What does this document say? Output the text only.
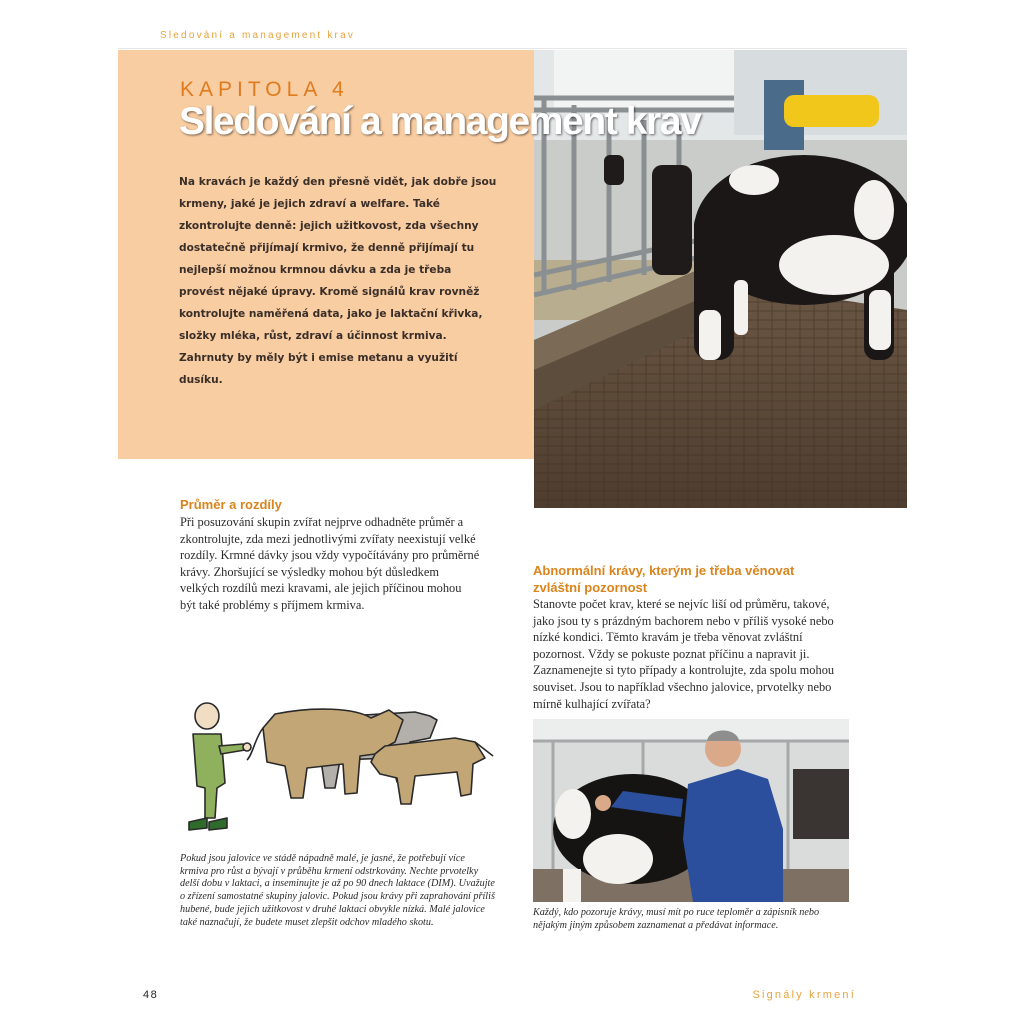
Sledování a management krav
KAPITOLA 4
Sledování a management krav
Na kravách je každý den přesně vidět, jak dobře jsou krmeny, jaké je jejich zdraví a welfare. Také zkontrolujte denně: jejich užitkovost, zda všechny dostatečně přijímají krmivo, že denně přijímají tu nejlepší možnou krmnou dávku a zda je třeba provést nějaké úpravy. Kromě signálů krav rovněž kontrolujte naměřená data, jako je laktační křivka, složky mléka, růst, zdraví a účinnost krmiva. Zahrnuty by měly být i emise metanu a využití dusíku.
Průměr a rozdíly
Při posuzování skupin zvířat nejprve odhadněte průměr a zkontrolujte, zda mezi jednotlivými zvířaty neexistují velké rozdíly. Krmné dávky jsou vždy vypočítávány pro průměrné krávy. Zhoršující se výsledky mohou být důsledkem velkých rozdílů mezi kravami, ale jejich příčinou mohou být také problémy s příjmem krmiva.
Abnormální krávy, kterým je třeba věnovat zvláštní pozornost
Stanovte počet krav, které se nejvíc liší od průměru, takové, jako jsou ty s prázdným bachorem nebo v příliš vysoké nebo nízké kondici. Těmto kravám je třeba věnovat zvláštní pozornost. Vždy se pokuste poznat příčinu a napravit ji. Zaznamenejte si tyto případy a kontrolujte, zda spolu mohou souviset. Jsou to například všechno jalovice, prvotelky nebo mírně kulhající zvířata?
Pokud jsou jalovice ve stádě nápadně malé, je jasné, že potřebují více krmiva pro růst a bývají v průběhu krmení odstrkovány. Nechte prvotelky delší dobu v laktaci, a inseminujte je až po 90 dnech laktace (DIM). Uvažujte o zřízení samostatné skupiny jalovic. Pokud jsou krávy při zaprahování příliš hubené, bude jejich užitkovost v druhé laktaci obvykle nízká. Malé jalovice také naznačují, že budete muset zlepšit odchov mladého skotu.
Každý, kdo pozoruje krávy, musí mít po ruce teploměr a zápisník nebo nějakým jiným způsobem zaznamenat a předávat informace.
48	Signály krmení
